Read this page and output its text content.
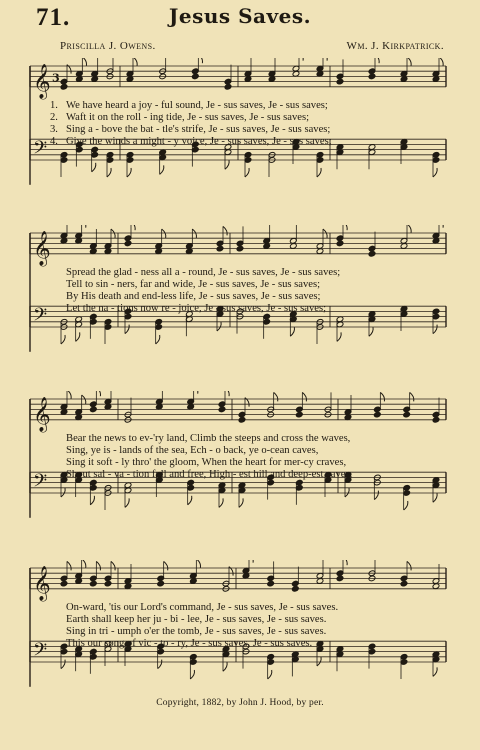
71.	Jesus Saves.
Priscilla J. Owens.	Wm. J. Kirkpatrick.
𝄞
𝄢
3
1. We have heard a joy - ful sound, Je - sus saves, Je - sus saves;
2. Waft it on the roll - ing tide, Je - sus saves, Je - sus saves;
3. Sing a - bove the bat - tle's strife, Je - sus saves, Je - sus saves;
4. Give the winds a might - y voice, Je - sus saves, Je - sus saves;
𝄞
𝄢
Spread the glad - ness all a - round, Je - sus saves, Je - sus saves;
Tell to sin - ners, far and wide, Je - sus saves, Je - sus saves;
By His death and end-less life, Je - sus saves, Je - sus saves;
Let the na - tions now re - joice, Je - sus saves, Je - sus saves;
𝄞
𝄢
Bear the news to ev-'ry land, Climb the steeps and cross the waves,
Sing, ye is - lands of the sea, Ech - o back, ye o-cean caves,
Sing it soft - ly thro' the gloom, When the heart for mer-cy craves,
Shout sal - va - tion full and free, High - est hill and deep-est caves,
𝄞
𝄢
On-ward, 'tis our Lord's command, Je - sus saves, Je - sus saves.
Earth shall keep her ju - bi - lee, Je - sus saves, Je - sus saves.
Sing in tri - umph o'er the tomb, Je - sus saves, Je - sus saves.
This our song of vic - to - ry, Je - sus saves, Je - sus saves.
Copyright, 1882, by John J. Hood, by per.
